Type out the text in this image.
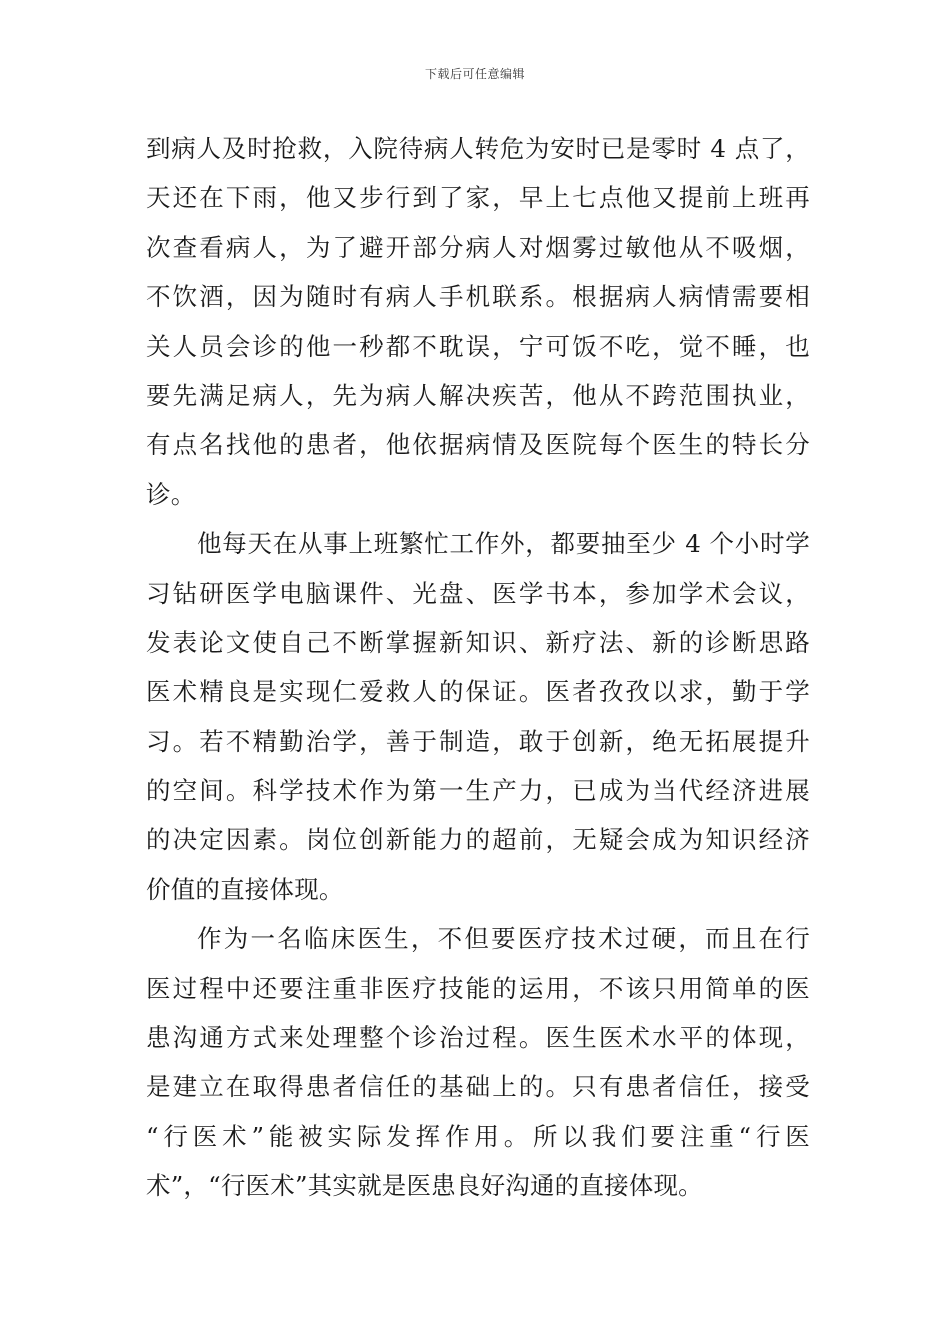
下载后可任意编辑
到病人及时抢救，入院待病人转危为安时已是零时 4 点了，
天还在下雨，他又步行到了家，早上七点他又提前上班再
次查看病人，为了避开部分病人对烟雾过敏他从不吸烟，
不饮酒，因为随时有病人手机联系。根据病人病情需要相
关人员会诊的他一秒都不耽误，宁可饭不吃，觉不睡，也
要先满足病人，先为病人解决疾苦，他从不跨范围执业，
有点名找他的患者，他依据病情及医院每个医生的特长分
诊。
他每天在从事上班繁忙工作外，都要抽至少 4 个小时学
习钻研医学电脑课件、光盘、医学书本，参加学术会议，
发表论文使自己不断掌握新知识、新疗法、新的诊断思路
医术精良是实现仁爱救人的保证。医者孜孜以求，勤于学
习。若不精勤治学，善于制造，敢于创新，绝无拓展提升
的空间。科学技术作为第一生产力，已成为当代经济进展
的决定因素。岗位创新能力的超前，无疑会成为知识经济
价值的直接体现。
作为一名临床医生，不但要医疗技术过硬，而且在行
医过程中还要注重非医疗技能的运用，不该只用简单的医
患沟通方式来处理整个诊治过程。医生医术水平的体现，
是建立在取得患者信任的基础上的。只有患者信任，接受
“行医术”能被实际发挥作用。所以我们要注重“行医
术”，“行医术”其实就是医患良好沟通的直接体现。
